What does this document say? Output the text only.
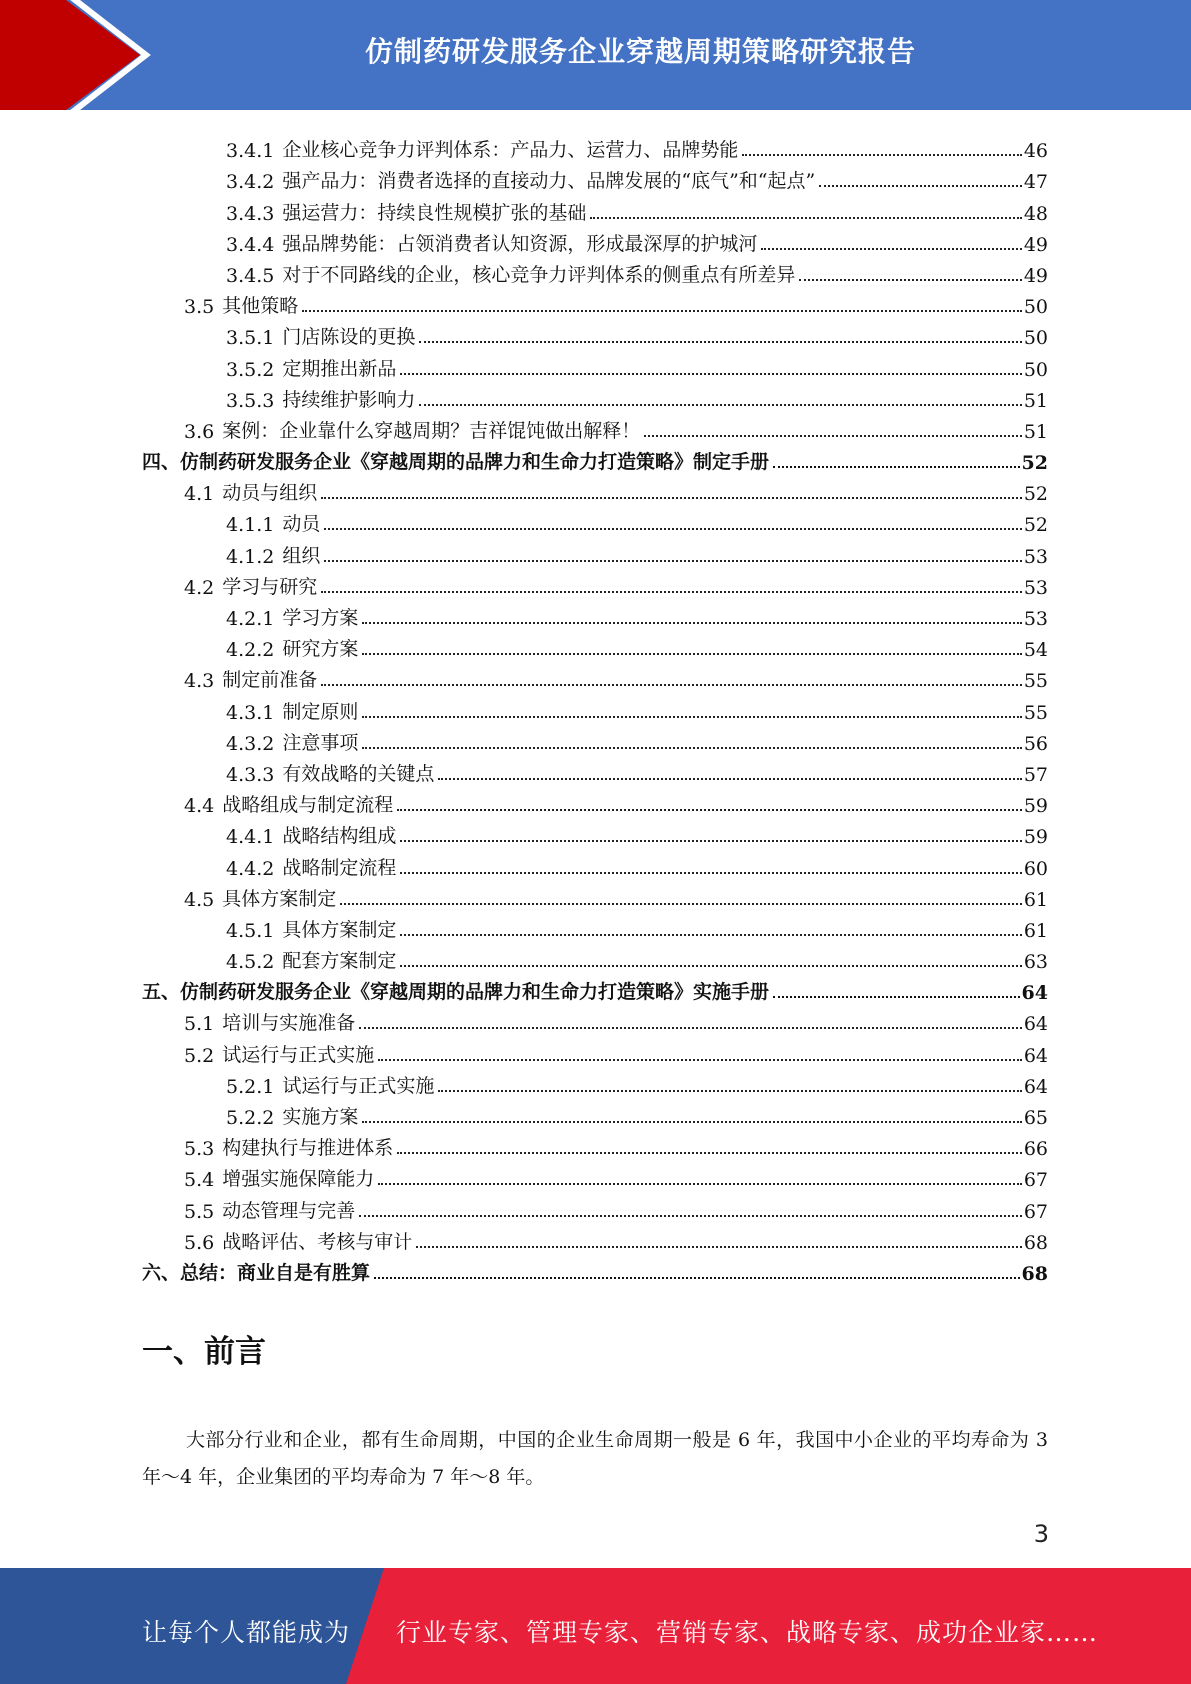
仿制药研发服务企业穿越周期策略研究报告
3.4.1 企业核心竞争力评判体系：产品力、运营力、品牌势能	46
3.4.2 强产品力：消费者选择的直接动力、品牌发展的“底气”和“起点”	47
3.4.3 强运营力：持续良性规模扩张的基础	48
3.4.4 强品牌势能：占领消费者认知资源，形成最深厚的护城河	49
3.4.5 对于不同路线的企业，核心竞争力评判体系的侧重点有所差异	49
3.5 其他策略	50
3.5.1 门店陈设的更换	50
3.5.2 定期推出新品	50
3.5.3 持续维护影响力	51
3.6 案例：企业靠什么穿越周期？吉祥馄饨做出解释！	51
四、仿制药研发服务企业《穿越周期的品牌力和生命力打造策略》制定手册	52
4.1 动员与组织	52
4.1.1 动员	52
4.1.2 组织	53
4.2 学习与研究	53
4.2.1 学习方案	53
4.2.2 研究方案	54
4.3 制定前准备	55
4.3.1 制定原则	55
4.3.2 注意事项	56
4.3.3 有效战略的关键点	57
4.4 战略组成与制定流程	59
4.4.1 战略结构组成	59
4.4.2 战略制定流程	60
4.5 具体方案制定	61
4.5.1 具体方案制定	61
4.5.2 配套方案制定	63
五、仿制药研发服务企业《穿越周期的品牌力和生命力打造策略》实施手册	64
5.1 培训与实施准备	64
5.2 试运行与正式实施	64
5.2.1 试运行与正式实施	64
5.2.2 实施方案	65
5.3 构建执行与推进体系	66
5.4 增强实施保障能力	67
5.5 动态管理与完善	67
5.6 战略评估、考核与审计	68
六、总结：商业自是有胜算	68
一、前言

大部分行业和企业，都有生命周期，中国的企业生命周期一般是 6 年，我国中小企业的平均寿命为 3 年～4 年，企业集团的平均寿命为 7 年～8 年。

3
让每个人都能成为 行业专家、管理专家、营销专家、战略专家、成功企业家……
